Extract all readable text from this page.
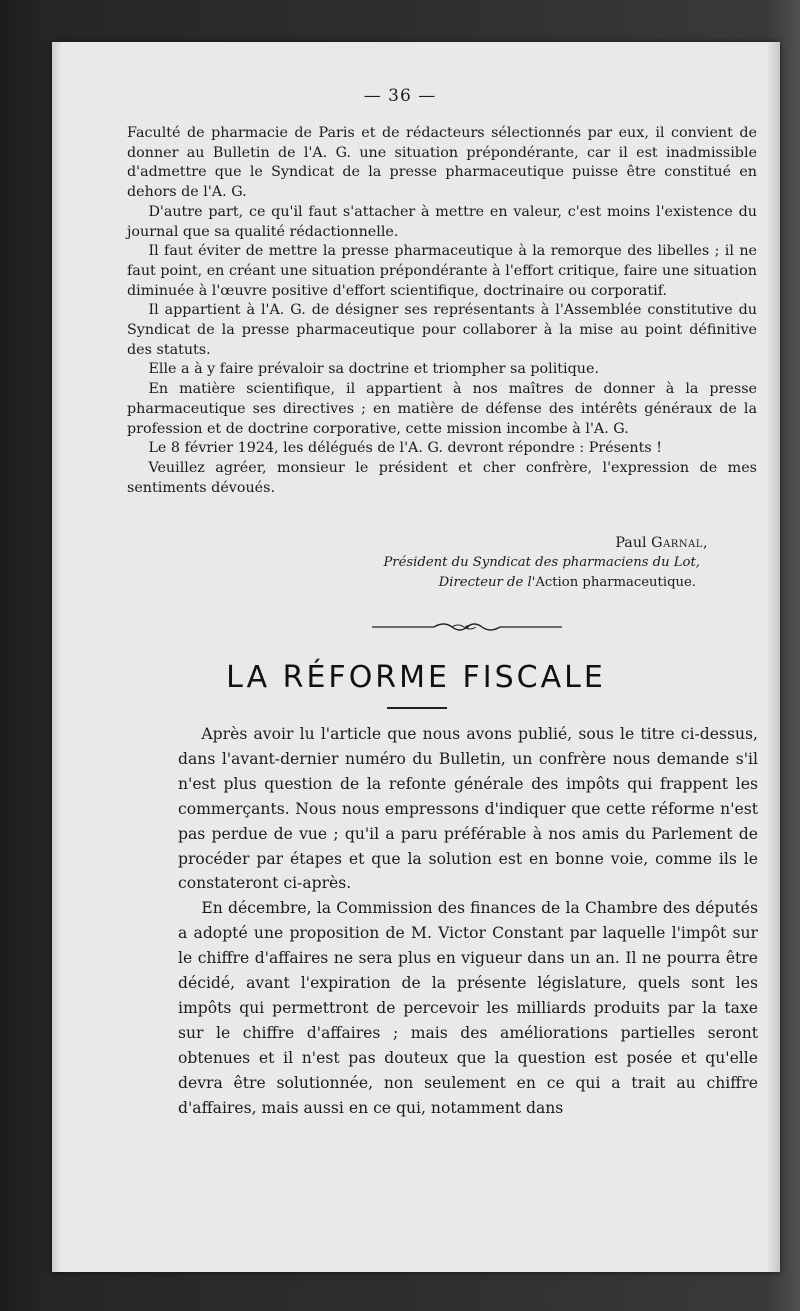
— 36 —

Faculté de pharmacie de Paris et de rédacteurs sélectionnés par eux, il convient de donner au Bulletin de l'A. G. une situation prépondérante, car il est inadmissible d'admettre que le Syndicat de la presse pharmaceutique puisse être constitué en dehors de l'A. G.

D'autre part, ce qu'il faut s'attacher à mettre en valeur, c'est moins l'existence du journal que sa qualité rédactionnelle.

Il faut éviter de mettre la presse pharmaceutique à la remorque des libelles ; il ne faut point, en créant une situation prépondérante à l'effort critique, faire une situation diminuée à l'œuvre positive d'effort scientifique, doctrinaire ou corporatif.

Il appartient à l'A. G. de désigner ses représentants à l'Assemblée constitutive du Syndicat de la presse pharmaceutique pour collaborer à la mise au point définitive des statuts.

Elle a à y faire prévaloir sa doctrine et triompher sa politique.

En matière scientifique, il appartient à nos maîtres de donner à la presse pharmaceutique ses directives ; en matière de défense des intérêts généraux de la profession et de doctrine corporative, cette mission incombe à l'A. G.

Le 8 février 1924, les délégués de l'A. G. devront répondre : Présents !

Veuillez agréer, monsieur le président et cher confrère, l'expression de mes sentiments dévoués.

Paul Garnal,
Président du Syndicat des pharmaciens du Lot,
Directeur de l'Action pharmaceutique.
LA RÉFORME FISCALE

Après avoir lu l'article que nous avons publié, sous le titre ci-dessus, dans l'avant-dernier numéro du Bulletin, un confrère nous demande s'il n'est plus question de la refonte générale des impôts qui frappent les commerçants. Nous nous empressons d'indiquer que cette réforme n'est pas perdue de vue ; qu'il a paru préférable à nos amis du Parlement de procéder par étapes et que la solution est en bonne voie, comme ils le constateront ci-après.

En décembre, la Commission des finances de la Chambre des députés a adopté une proposition de M. Victor Constant par laquelle l'impôt sur le chiffre d'affaires ne sera plus en vigueur dans un an. Il ne pourra être décidé, avant l'expiration de la présente législature, quels sont les impôts qui permettront de percevoir les milliards produits par la taxe sur le chiffre d'affaires ; mais des améliorations partielles seront obtenues et il n'est pas douteux que la question est posée et qu'elle devra être solutionnée, non seulement en ce qui a trait au chiffre d'affaires, mais aussi en ce qui, notamment dans
